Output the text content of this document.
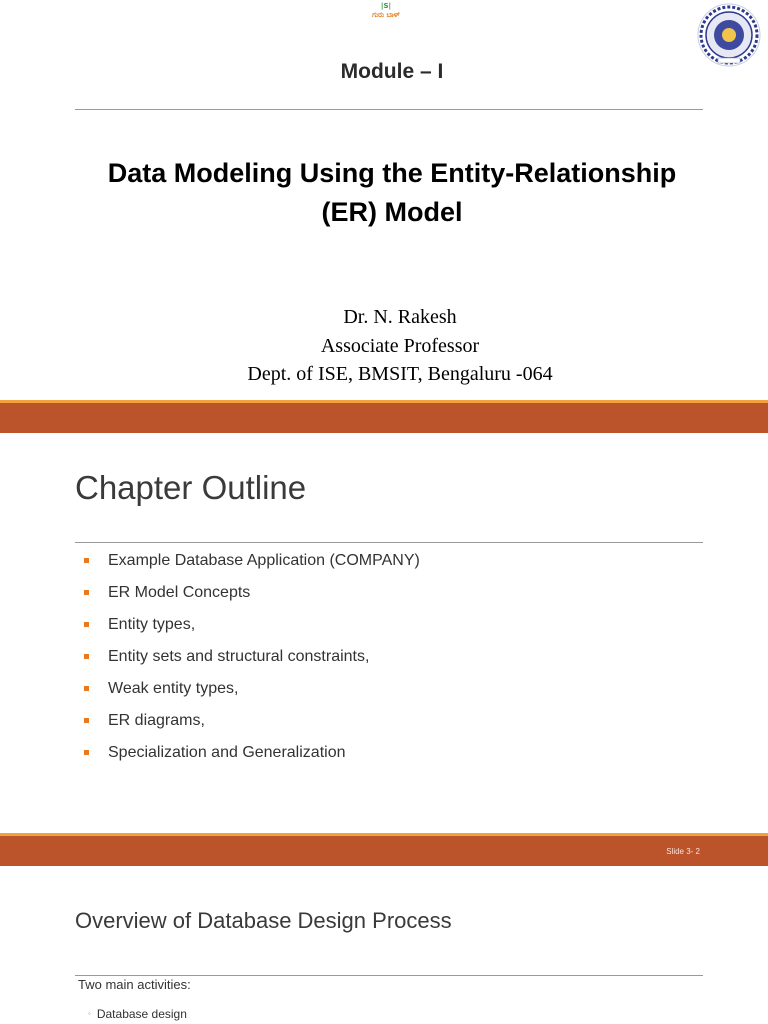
|S|
ಗುರು ಬಾಳ್
Module – I
Data Modeling Using the Entity-Relationship
(ER) Model
Dr. N. Rakesh
Associate Professor
Dept. of ISE, BMSIT, Bengaluru -064
Chapter Outline
Example Database Application (COMPANY)
ER Model Concepts
Entity types,
Entity sets and structural constraints,
Weak entity types,
ER diagrams,
Specialization and Generalization
Slide 3- 2
Overview of Database Design Process
Two main activities:
◦ Database design
